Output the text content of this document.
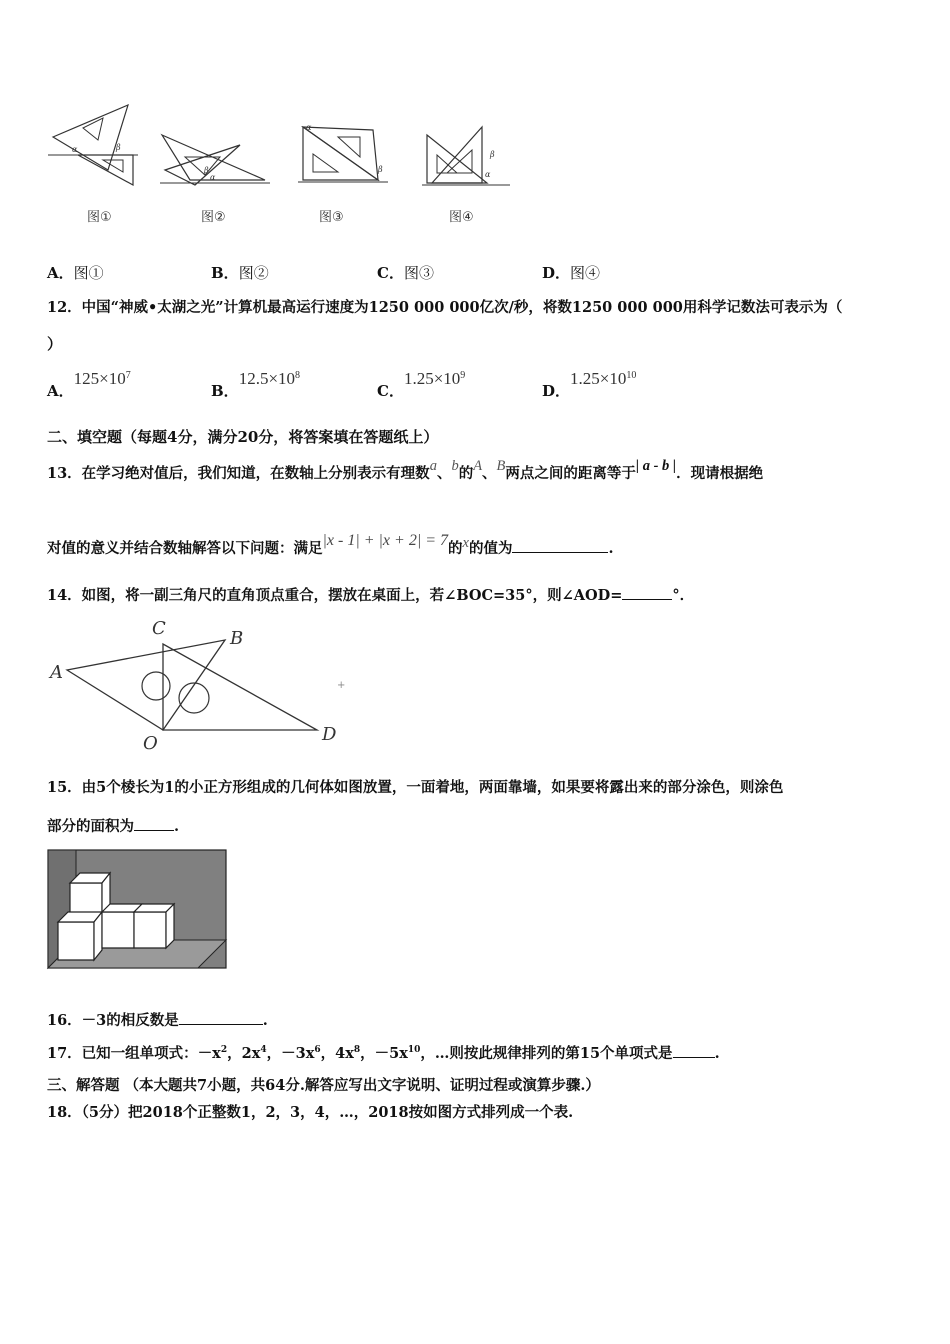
α	β
α
β
α
β
α
β
图①	图②	图③	图④
A．图①	B．图②	C．图③	D．图④
12．中国“神威•太湖之光”计算机最高运行速度为1250 000 000亿次/秒，将数1250 000 000用科学记数法可表示为（
）
A．$125\times 10^7$
B．$12.5\times 10^8$
C．$1.25\times 10^9$
D．$1.25\times 10^{10}$
二、填空题（每题4分，满分20分，将答案填在答题纸上）
13．在学习绝对值后，我们知道，在数轴上分别表示有理数a、b的A、B两点之间的距离等于| a - b |．现请根据绝
对值的意义并结合数轴解答以下问题：满足|x - 1| + |x + 2| = 7的x的值为	.
14．如图，将一副三角尺的直角顶点重合，摆放在桌面上，若∠BOC=35°，则∠AOD=	°．
A
B
C
D
O
+
15．由5个棱长为1的小正方形组成的几何体如图放置，一面着地，两面靠墙，如果要将露出来的部分涂色，则涂色
部分的面积为	.
16．－3的相反数是	.
17．已知一组单项式：$-x^2$，$2x^4$，$-3x^6$，$4x^8$，$-5x^{10}$，…则按此规律排列的第15个单项式是	.
三、解答题 （本大题共7小题，共64分.解答应写出文字说明、证明过程或演算步骤.）
18．（5分）把2018个正整数1，2，3，4，…，2018按如图方式排列成一个表.
